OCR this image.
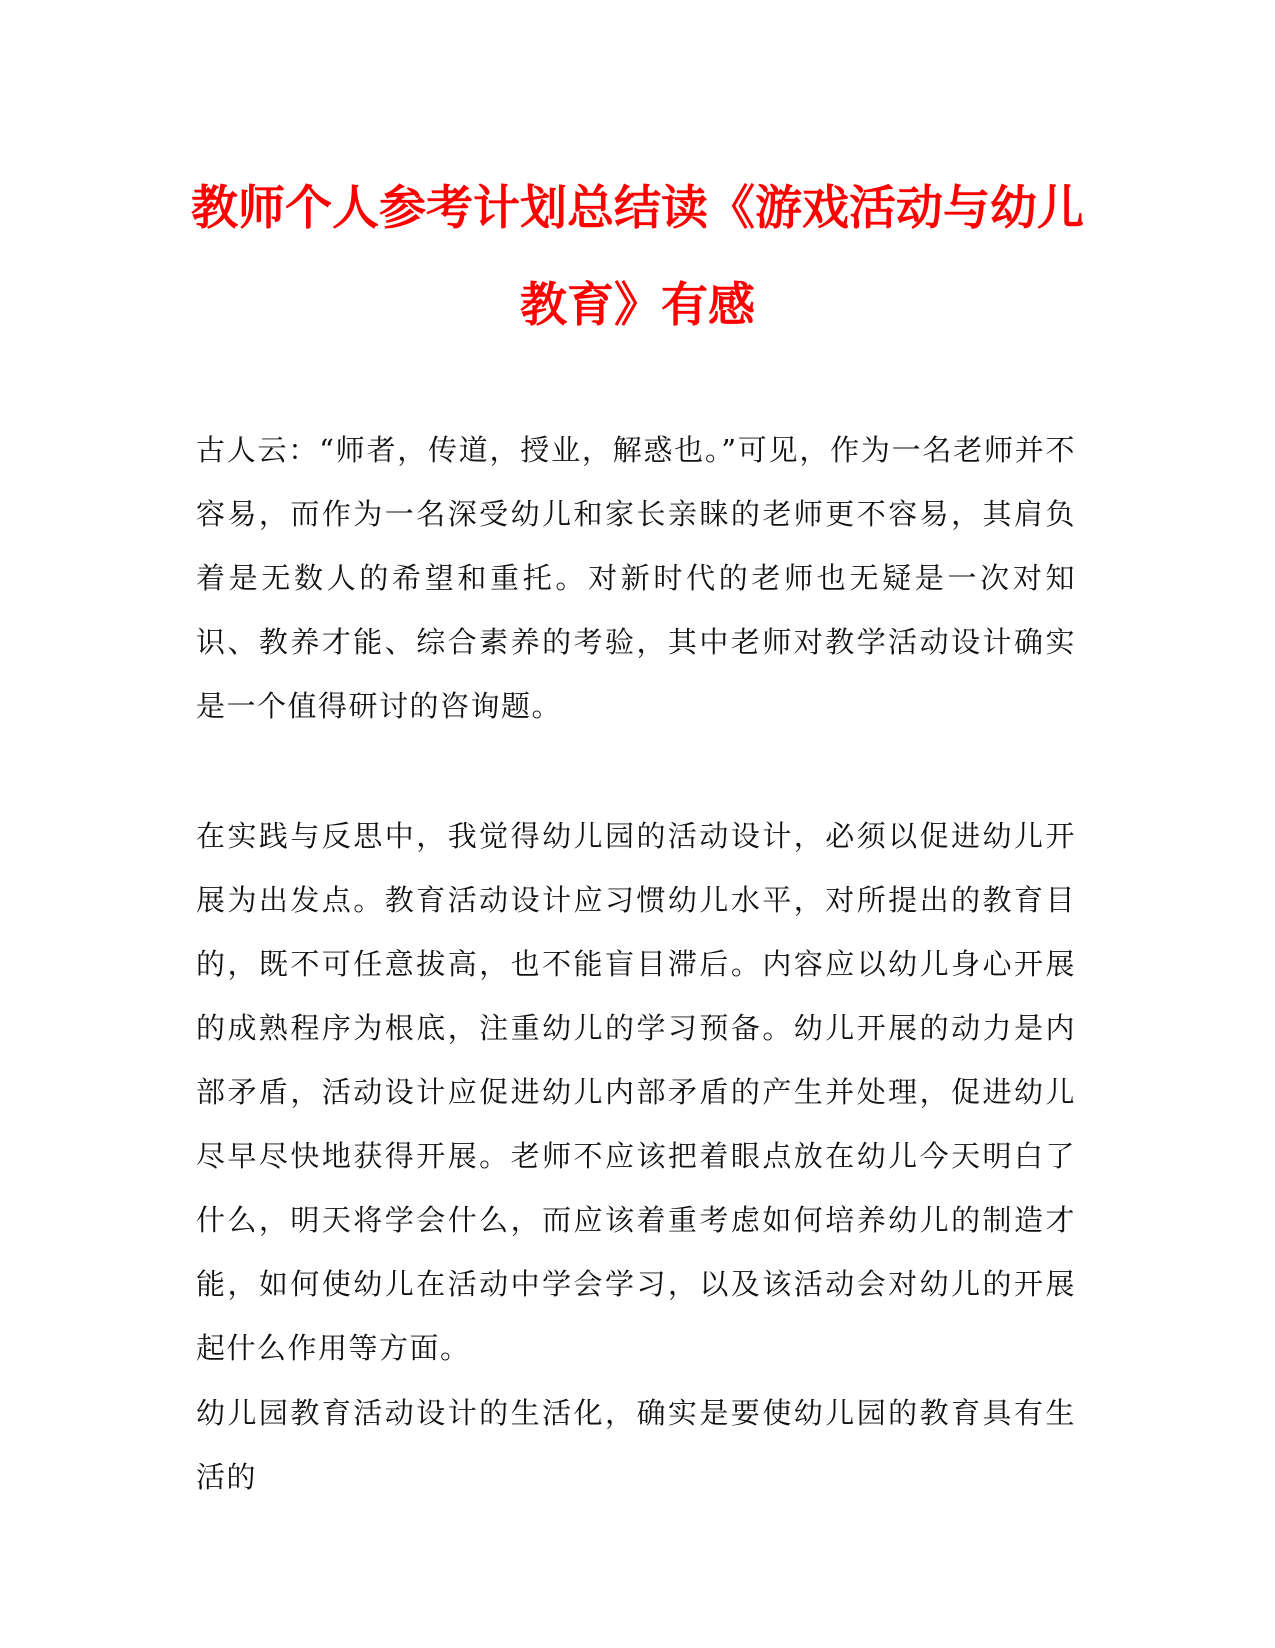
教师个人参考计划总结读《游戏活动与幼儿教育》有感

古人云：“师者，传道，授业，解惑也。”可见，作为一名老师并不容易，而作为一名深受幼儿和家长亲睐的老师更不容易，其肩负着是无数人的希望和重托。对新时代的老师也无疑是一次对知识、教养才能、综合素养的考验，其中老师对教学活动设计确实是一个值得研讨的咨询题。

在实践与反思中，我觉得幼儿园的活动设计，必须以促进幼儿开展为出发点。教育活动设计应习惯幼儿水平，对所提出的教育目的，既不可任意拔高，也不能盲目滞后。内容应以幼儿身心开展的成熟程序为根底，注重幼儿的学习预备。幼儿开展的动力是内部矛盾，活动设计应促进幼儿内部矛盾的产生并处理，促进幼儿尽早尽快地获得开展。老师不应该把着眼点放在幼儿今天明白了什么，明天将学会什么，而应该着重考虑如何培养幼儿的制造才能，如何使幼儿在活动中学会学习，以及该活动会对幼儿的开展起什么作用等方面。

幼儿园教育活动设计的生活化，确实是要使幼儿园的教育具有生活的
